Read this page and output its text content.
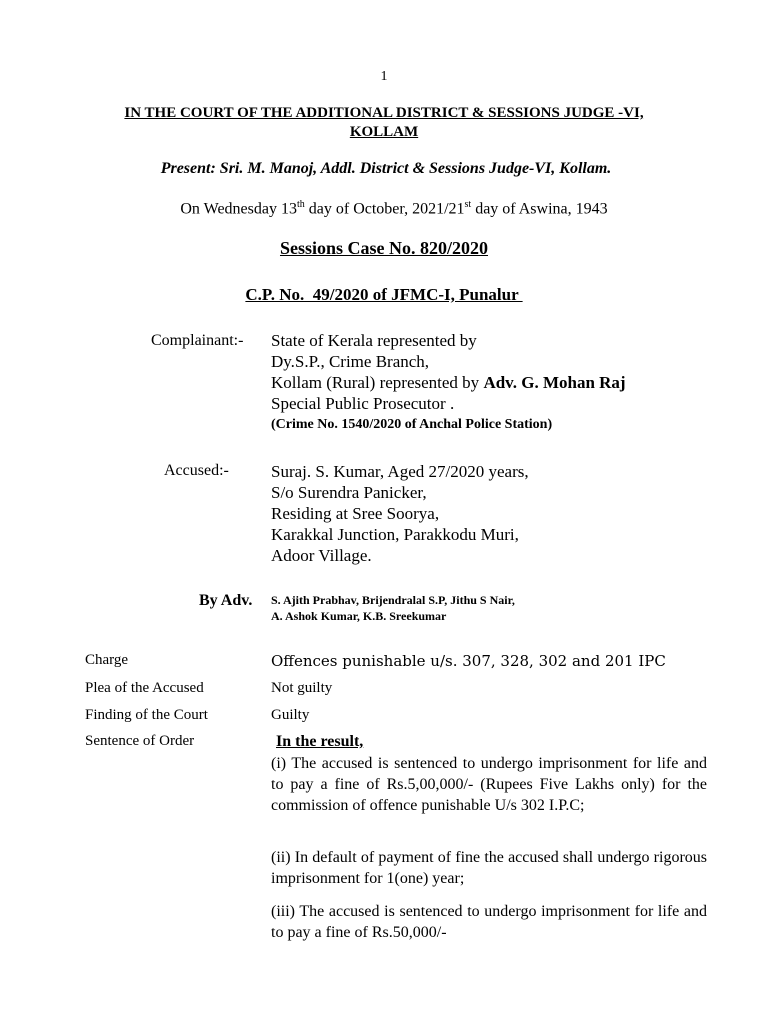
1
IN THE COURT OF THE ADDITIONAL DISTRICT & SESSIONS JUDGE -VI,
KOLLAM
Present: Sri. M. Manoj, Addl. District & Sessions Judge-VI, Kollam.
On Wednesday 13th day of October, 2021/21st day of Aswina, 1943
Sessions Case No. 820/2020
C.P. No.  49/2020 of JFMC-I, Punalur
Complainant:- State of Kerala represented by
Dy.S.P., Crime Branch,
Kollam (Rural) represented by Adv. G. Mohan Raj
Special Public Prosecutor .
(Crime No. 1540/2020 of Anchal Police Station)
Accused:- Suraj. S. Kumar, Aged 27/2020 years,
S/o Surendra Panicker,
Residing at Sree Soorya,
Karakkal Junction, Parakkodu Muri,
Adoor Village.
By Adv. S. Ajith Prabhav, Brijendralal S.P, Jithu S Nair,
A. Ashok Kumar, K.B. Sreekumar
Charge	Offences punishable u/s. 307, 328, 302 and 201 IPC
Plea of the Accused	Not guilty
Finding of the Court	Guilty
Sentence of Order	In the result,
(i) The accused is sentenced to undergo imprisonment for life and to pay a fine of Rs.5,00,000/- (Rupees Five Lakhs only) for the commission of offence punishable U/s 302 I.P.C;
(ii) In default of payment of fine the accused shall undergo rigorous imprisonment for 1(one) year;
(iii) The accused is sentenced to undergo imprisonment for life and to pay a fine of Rs.50,000/-
